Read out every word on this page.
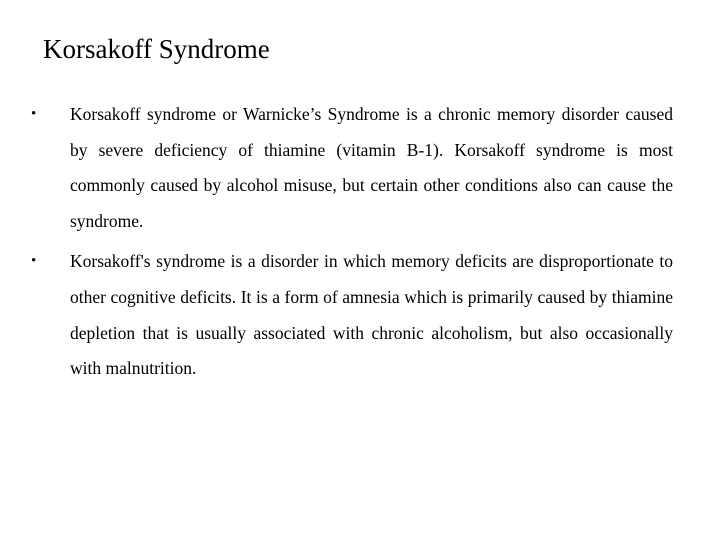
Korsakoff Syndrome
• Korsakoff syndrome or Warnicke’s Syndrome is a chronic memory disorder caused by severe deficiency of thiamine (vitamin B-1). Korsakoff syndrome is most commonly caused by alcohol misuse, but certain other conditions also can cause the syndrome.
• Korsakoff's syndrome is a disorder in which memory deficits are disproportionate to other cognitive deficits. It is a form of amnesia which is primarily caused by thiamine depletion that is usually associated with chronic alcoholism, but also occasionally with malnutrition.
